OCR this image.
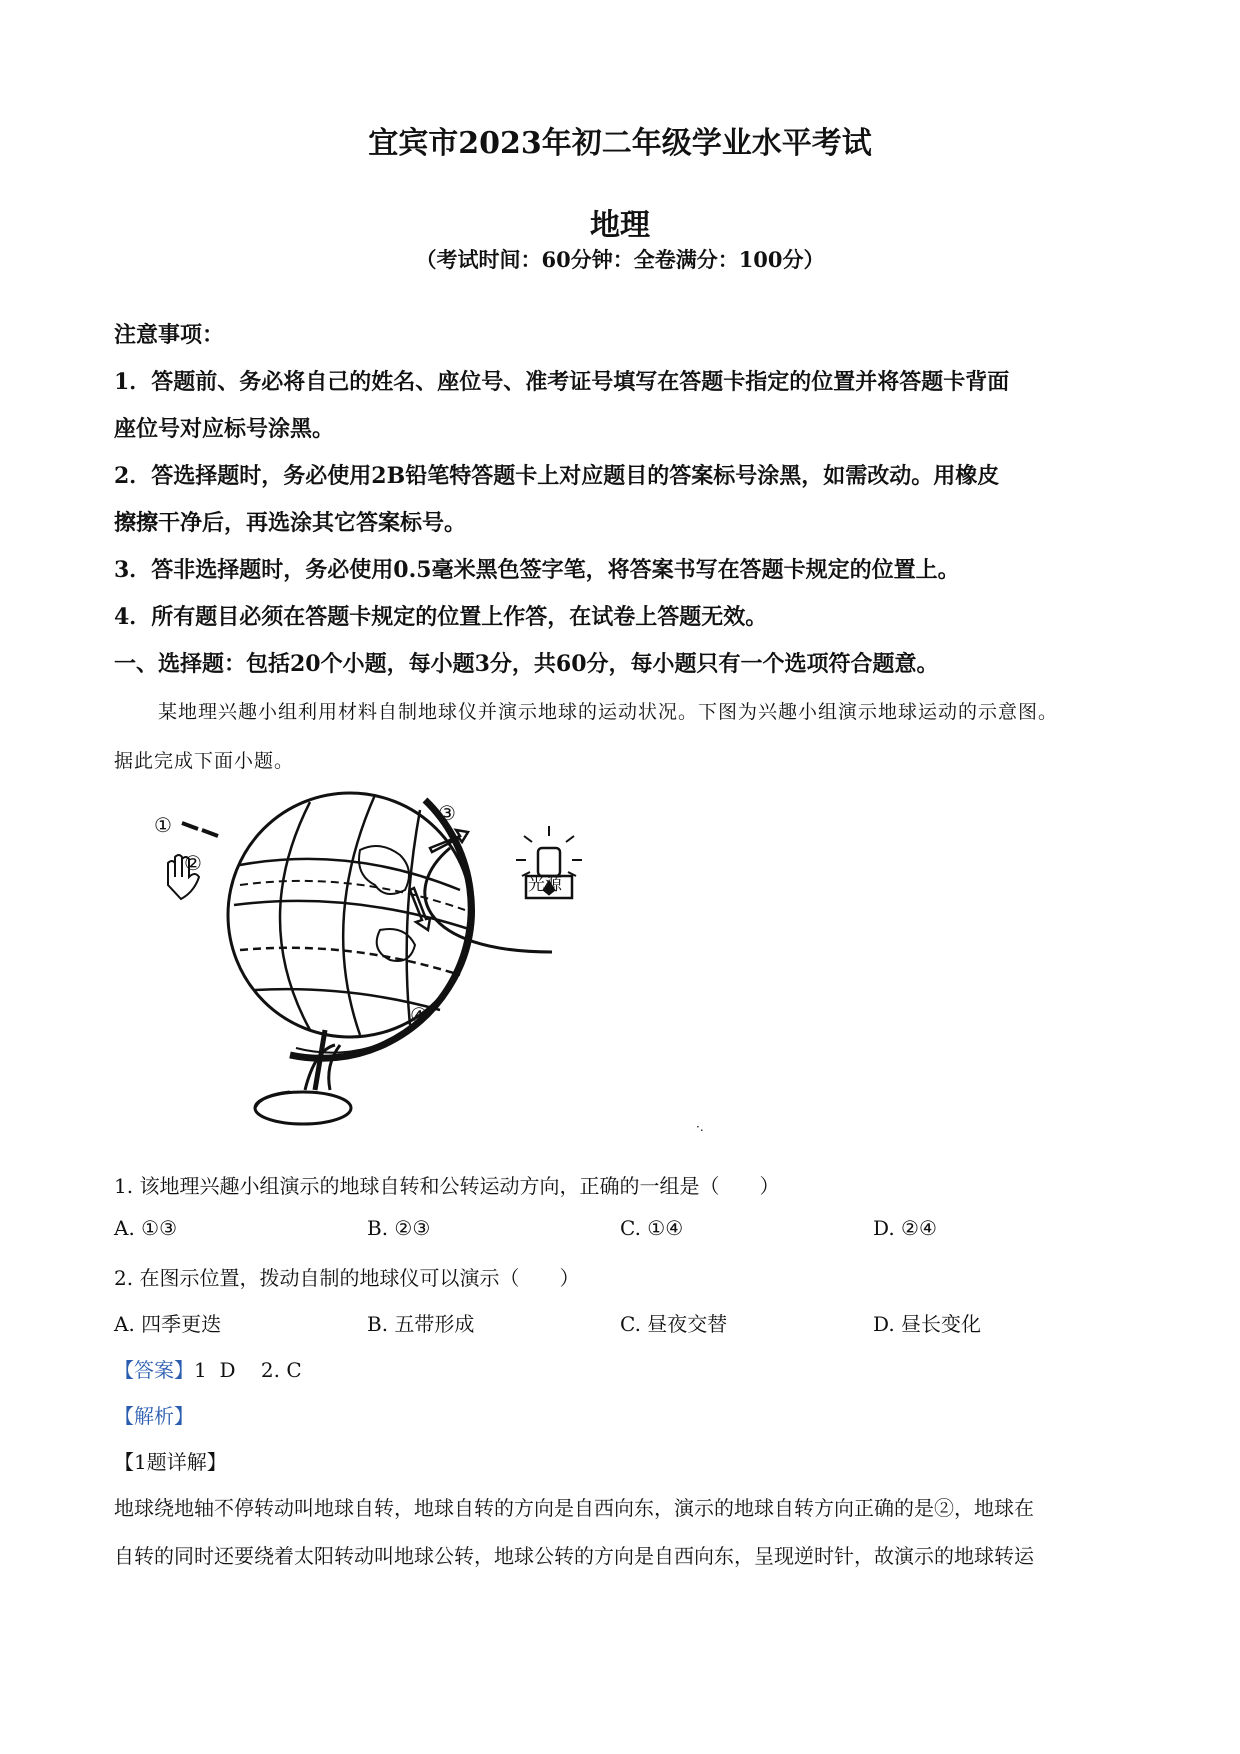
宜宾市2023年初二年级学业水平考试
地理
（考试时间：60分钟：全卷满分：100分）
注意事项：
1．答题前、务必将自己的姓名、座位号、准考证号填写在答题卡指定的位置并将答题卡背面
座位号对应标号涂黑。
2．答选择题时，务必使用2B铅笔特答题卡上对应题目的答案标号涂黑，如需改动。用橡皮
擦擦干净后，再选涂其它答案标号。
3．答非选择题时，务必使用0.5毫米黑色签字笔，将答案书写在答题卡规定的位置上。
4．所有题目必须在答题卡规定的位置上作答，在试卷上答题无效。
一、选择题：包括20个小题，每小题3分，共60分，每小题只有一个选项符合题意。
某地理兴趣小组利用材料自制地球仪并演示地球的运动状况。下图为兴趣小组演示地球运动的示意图。
据此完成下面小题。
①
②
③
④
光源
·.
1. 该地理兴趣小组演示的地球自转和公转运动方向，正确的一组是（　　）
A. ①③	B. ②③	C. ①④	D. ②④
2. 在图示位置，拨动自制的地球仪可以演示（　　）
A. 四季更迭	B. 五带形成	C. 昼夜交替	D. 昼长变化
【答案】1  D    2. C
【解析】
【1题详解】
地球绕地轴不停转动叫地球自转，地球自转的方向是自西向东，演示的地球自转方向正确的是②，地球在
自转的同时还要绕着太阳转动叫地球公转，地球公转的方向是自西向东，呈现逆时针，故演示的地球转运
